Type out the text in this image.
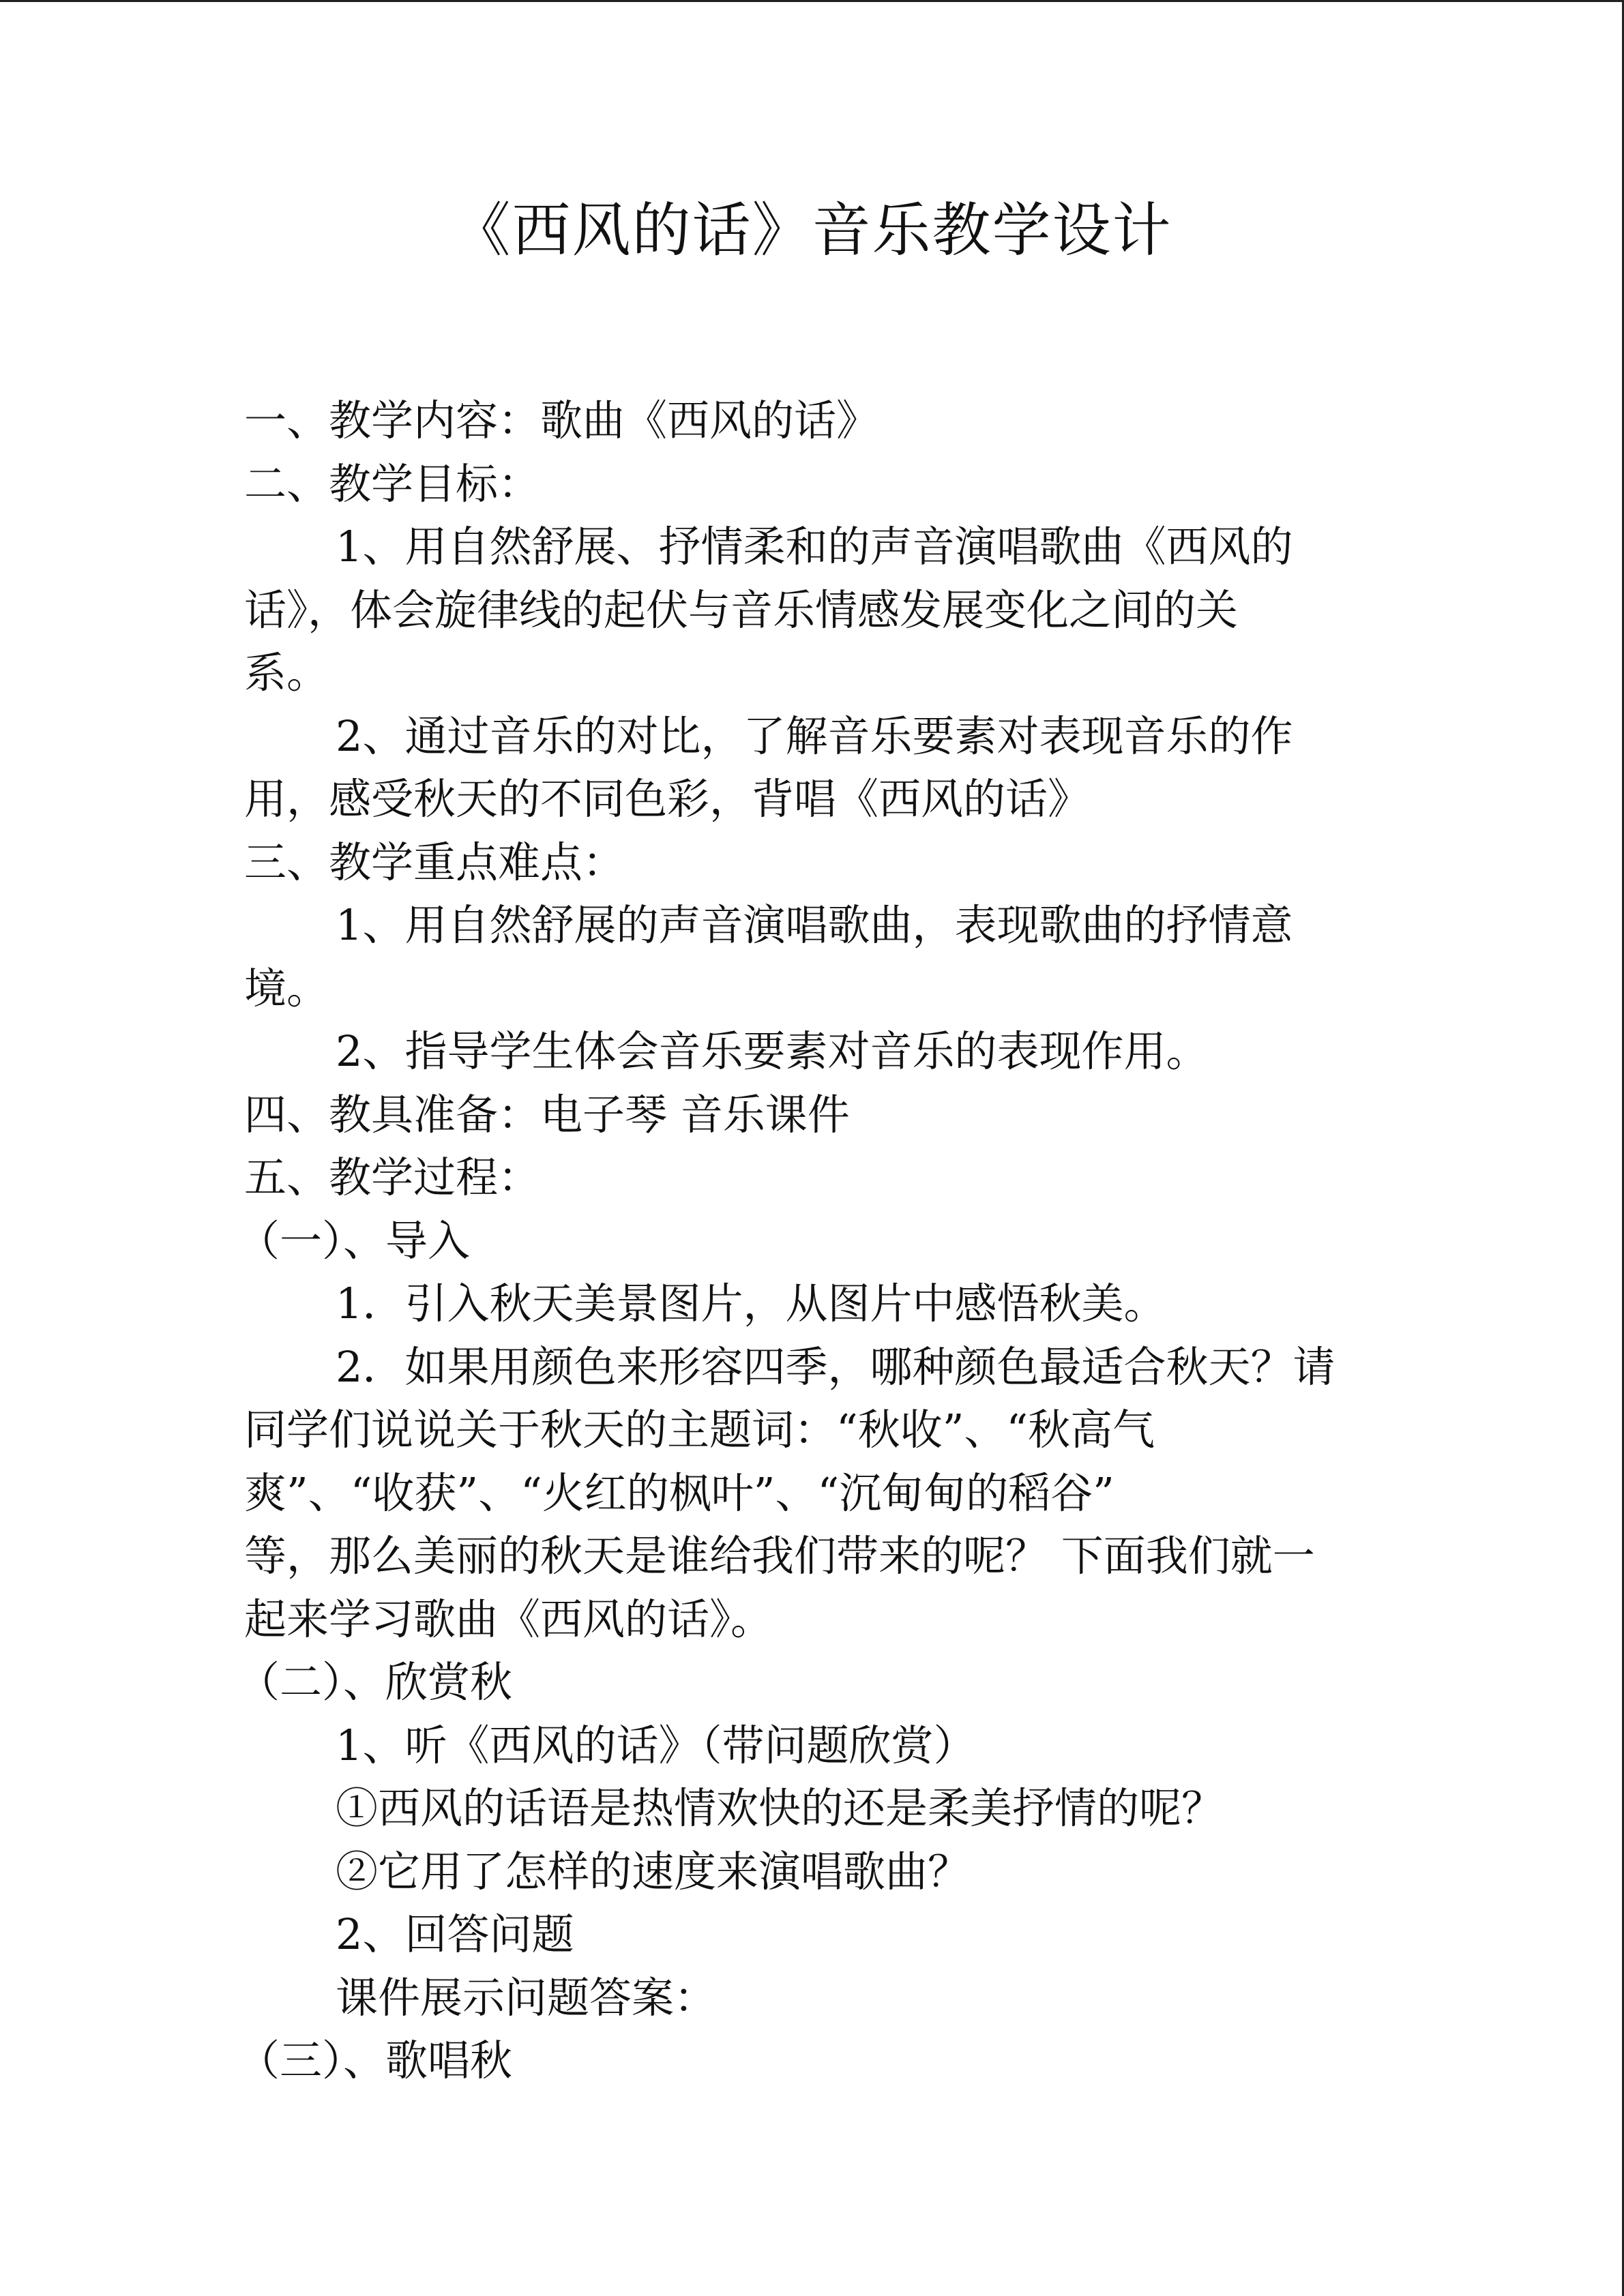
《西风的话》音乐教学设计

一、教学内容：歌曲《西风的话》

二、教学目标：

1、用自然舒展、抒情柔和的声音演唱歌曲《西风的

话》，体会旋律线的起伏与音乐情感发展变化之间的关

系。

2、通过音乐的对比，了解音乐要素对表现音乐的作

用，感受秋天的不同色彩，背唱《西风的话》

三、教学重点难点：

1、用自然舒展的声音演唱歌曲，表现歌曲的抒情意

境。

2、指导学生体会音乐要素对音乐的表现作用。

四、教具准备：电子琴 音乐课件

五、教学过程：

（一）、导入

1．引入秋天美景图片，从图片中感悟秋美。

2．如果用颜色来形容四季，哪种颜色最适合秋天？请

同学们说说关于秋天的主题词：“秋收”、“秋高气

爽”、“收获”、“火红的枫叶”、“沉甸甸的稻谷”

等，那么美丽的秋天是谁给我们带来的呢？ 下面我们就一

起来学习歌曲《西风的话》。

（二）、欣赏秋

1、听《西风的话》（带问题欣赏）

①西风的话语是热情欢快的还是柔美抒情的呢？

②它用了怎样的速度来演唱歌曲？

2、回答问题

课件展示问题答案：

（三）、歌唱秋
